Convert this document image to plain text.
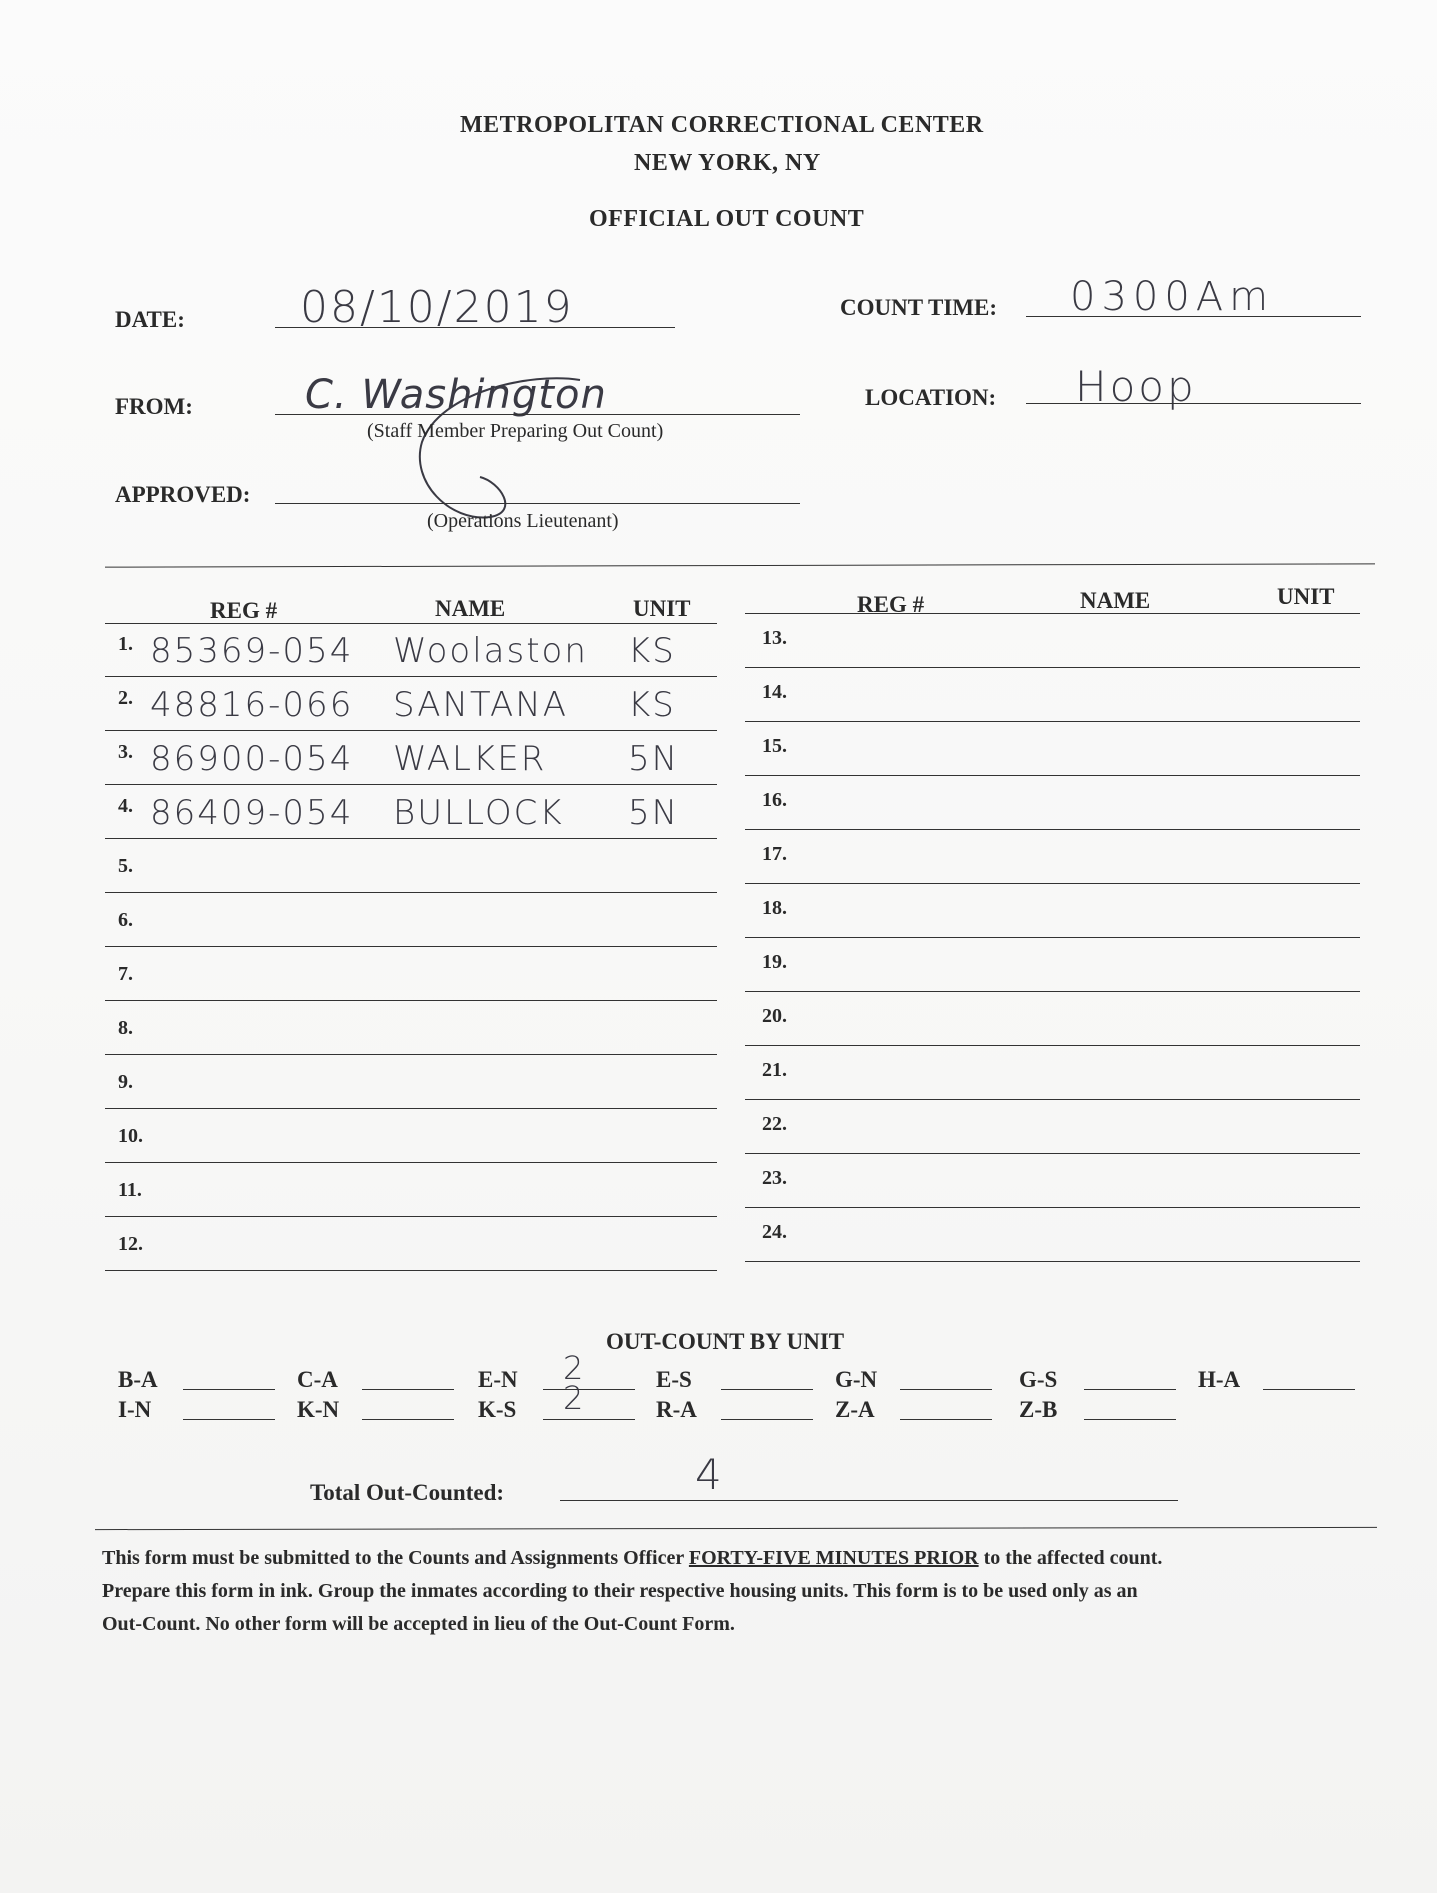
METROPOLITAN CORRECTIONAL CENTER
NEW YORK, NY
OFFICIAL OUT COUNT
DATE:	08/10/2019	COUNT TIME: 0300Am
FROM:	C. Washington
(Staff Member Preparing Out Count)
LOCATION: Hoop
APPROVED:
(Operations Lieutenant)
REG #	NAME	UNIT	REG #	NAME	UNIT
1. 85369-054 Woolaston KS
2. 48816-066 SANTANA KS
3. 86900-054 WALKER 5N
4. 86409-054 BULLOCK 5N
5.
6.
7.
8.
9.
10.
11.
12.
13.
14.
15.
16.
17.
18.
19.
20.
21.
22.
23.
24.
OUT-COUNT BY UNIT
B-A	C-A	E-N 2	E-S	G-N	G-S	H-A
I-N	K-N	K-S 2	R-A	Z-A	Z-B
Total Out-Counted:	4
This form must be submitted to the Counts and Assignments Officer FORTY-FIVE MINUTES PRIOR to the affected count.
Prepare this form in ink. Group the inmates according to their respective housing units. This form is to be used only as an
Out-Count. No other form will be accepted in lieu of the Out-Count Form.
